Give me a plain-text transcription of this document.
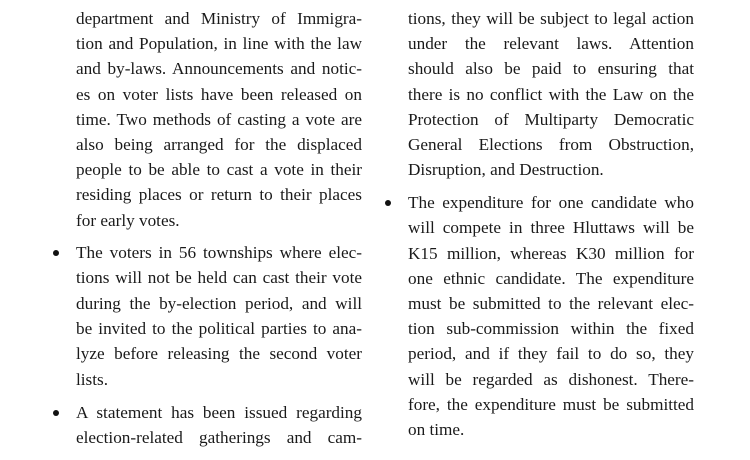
department and Ministry of Immigra-
tion and Population, in line with the law
and by-laws. Announcements and notic-
es on voter lists have been released on
time. Two methods of casting a vote are
also being arranged for the displaced
people to be able to cast a vote in their
residing places or return to their places
for early votes.
The voters in 56 townships where elec-
tions will not be held can cast their vote
during the by-election period, and will
be invited to the political parties to ana-
lyze before releasing the second voter
lists.
A statement has been issued regarding
election-related gatherings and cam-
tions, they will be subject to legal action
under the relevant laws. Attention
should also be paid to ensuring that
there is no conflict with the Law on the
Protection of Multiparty Democratic
General Elections from Obstruction,
Disruption, and Destruction.
The expenditure for one candidate who
will compete in three Hluttaws will be
K15 million, whereas K30 million for
one ethnic candidate. The expenditure
must be submitted to the relevant elec-
tion sub-commission within the fixed
period, and if they fail to do so, they
will be regarded as dishonest. There-
fore, the expenditure must be submitted
on time.
